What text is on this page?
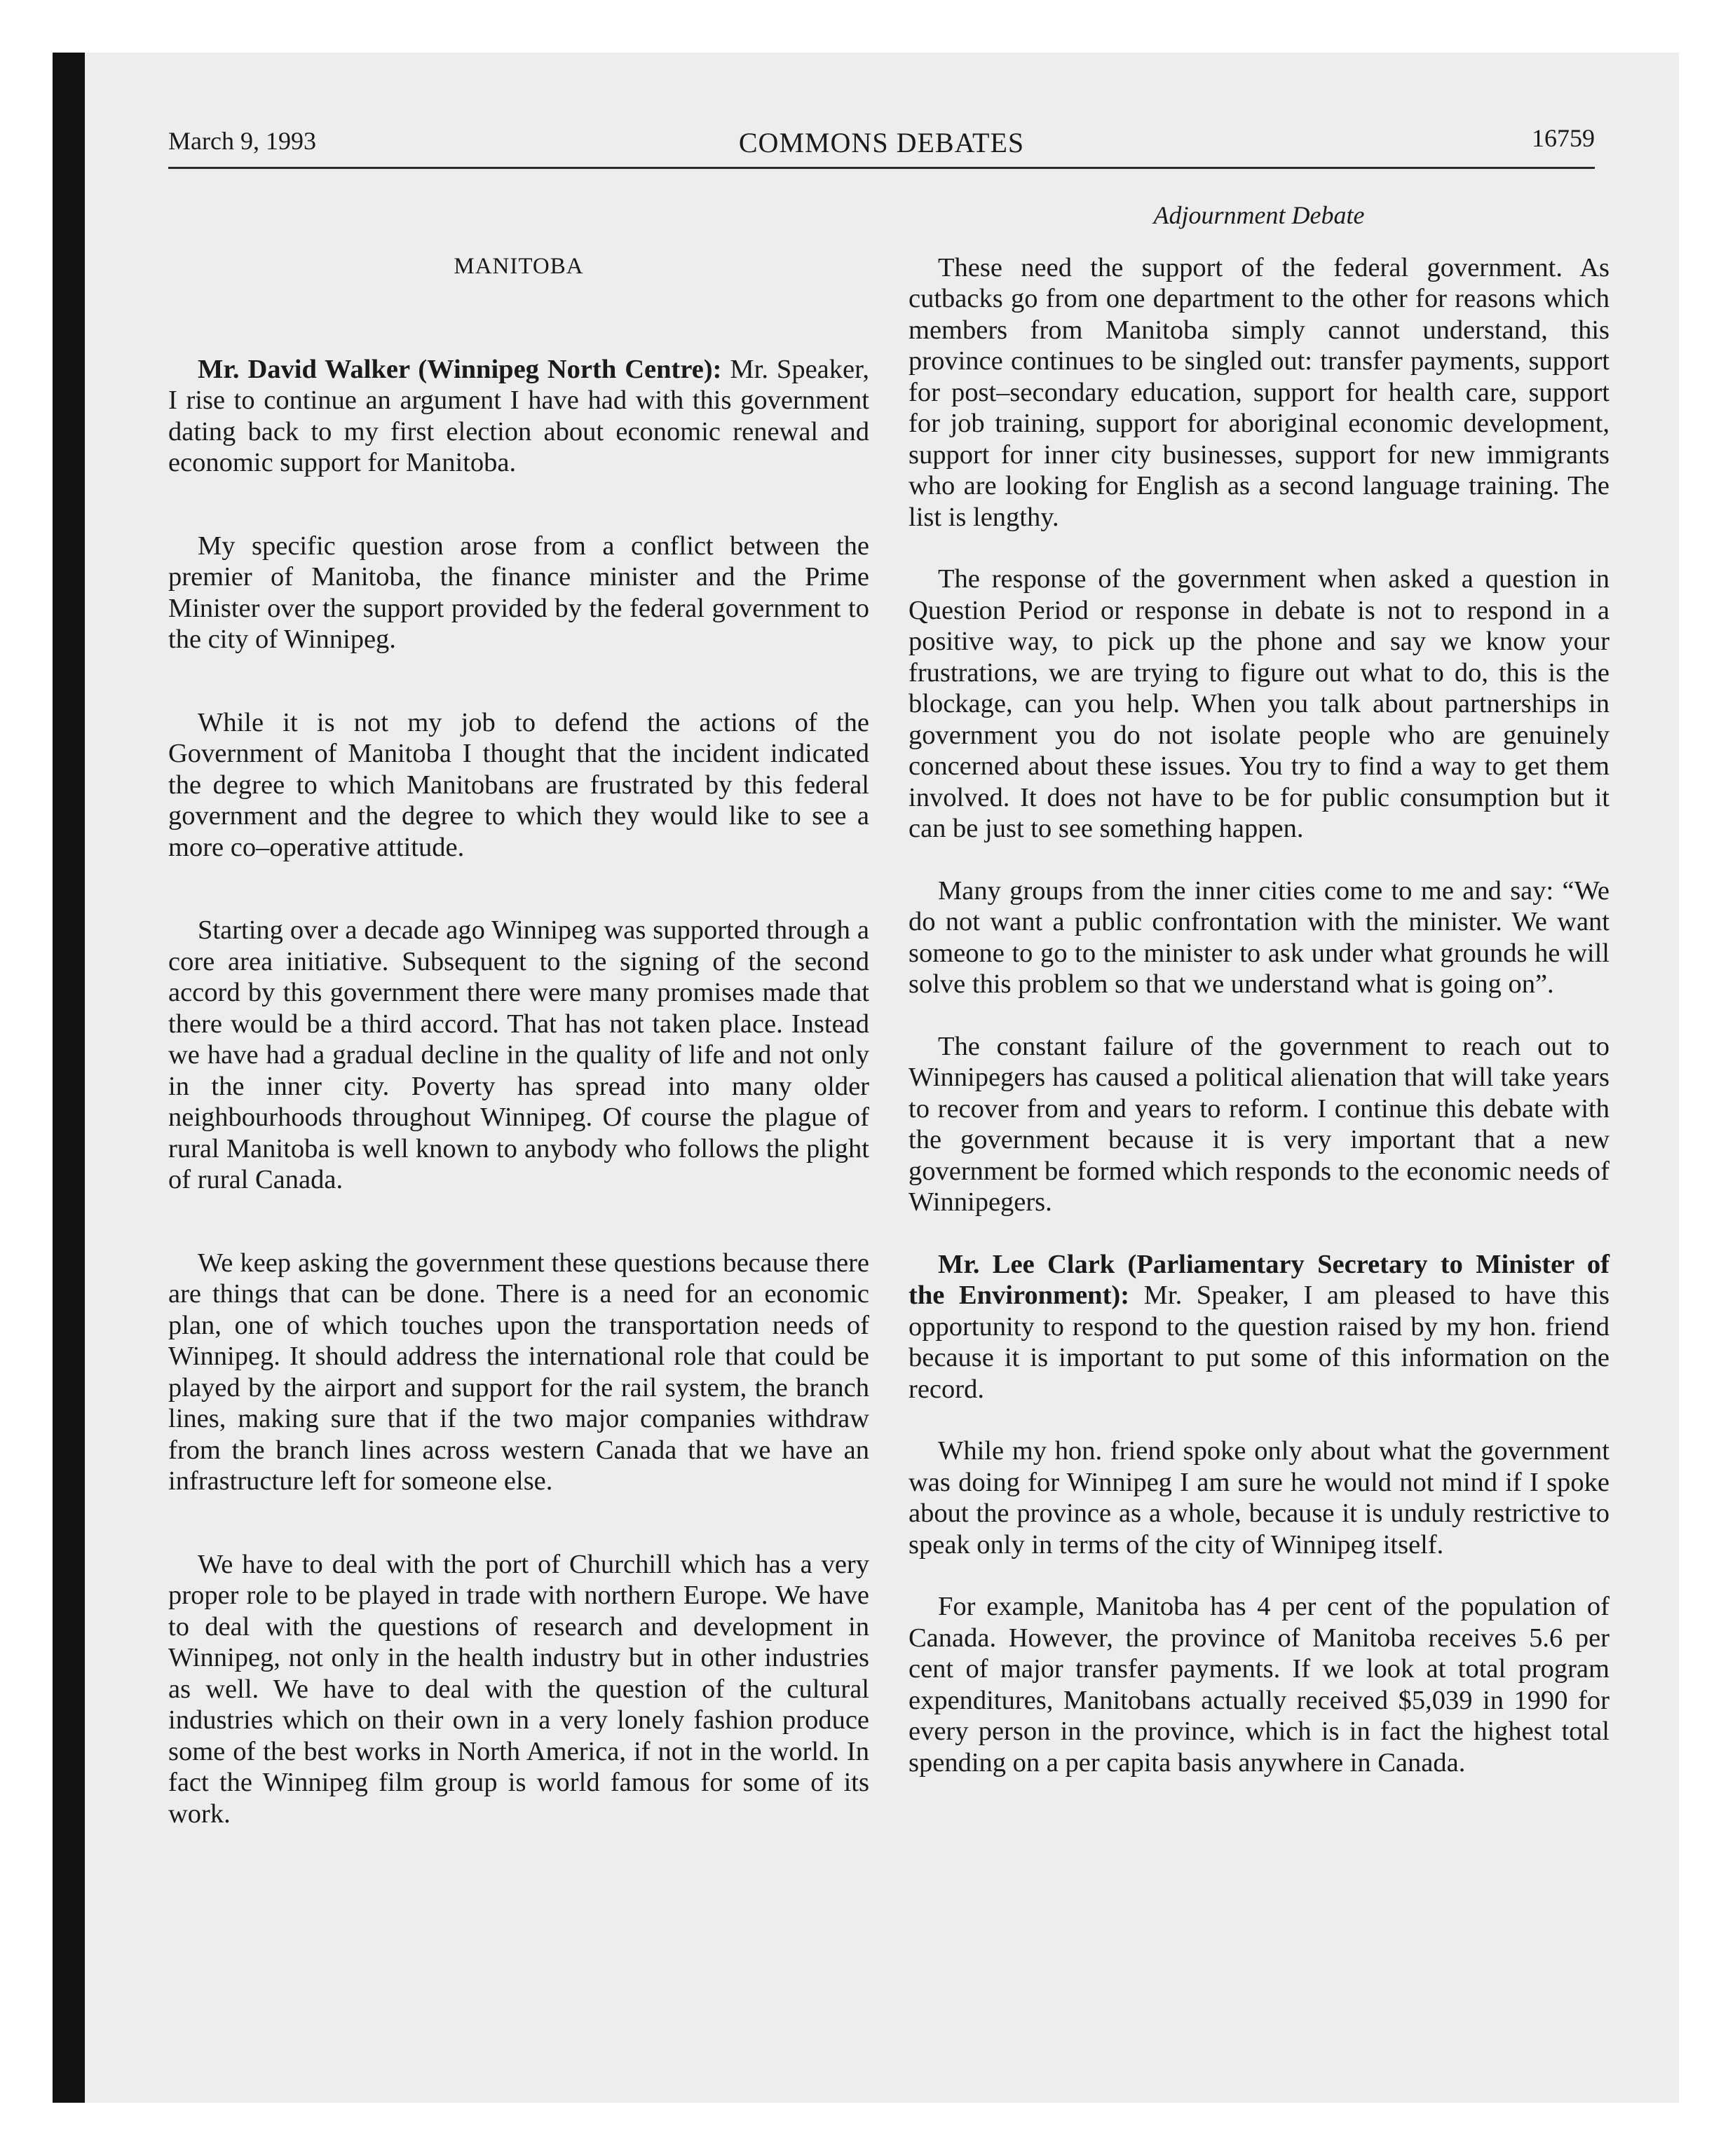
March 9, 1993	COMMONS DEBATES	16759
MANITOBA

Mr. David Walker (Winnipeg North Centre): Mr. Speaker, I rise to continue an argument I have had with this government dating back to my first election about economic renewal and economic support for Manitoba.

My specific question arose from a conflict between the premier of Manitoba, the finance minister and the Prime Minister over the support provided by the federal government to the city of Winnipeg.

While it is not my job to defend the actions of the Government of Manitoba I thought that the incident indicated the degree to which Manitobans are frustrated by this federal government and the degree to which they would like to see a more co–operative attitude.

Starting over a decade ago Winnipeg was supported through a core area initiative. Subsequent to the signing of the second accord by this government there were many promises made that there would be a third accord. That has not taken place. Instead we have had a gradual decline in the quality of life and not only in the inner city. Poverty has spread into many older neighbourhoods throughout Winnipeg. Of course the plague of rural Manitoba is well known to anybody who follows the plight of rural Canada.

We keep asking the government these questions because there are things that can be done. There is a need for an economic plan, one of which touches upon the transportation needs of Winnipeg. It should address the international role that could be played by the airport and support for the rail system, the branch lines, making sure that if the two major companies withdraw from the branch lines across western Canada that we have an infrastructure left for someone else.

We have to deal with the port of Churchill which has a very proper role to be played in trade with northern Europe. We have to deal with the questions of research and development in Winnipeg, not only in the health industry but in other industries as well. We have to deal with the question of the cultural industries which on their own in a very lonely fashion produce some of the best works in North America, if not in the world. In fact the Winnipeg film group is world famous for some of its work.

Adjournment Debate

These need the support of the federal government. As cutbacks go from one department to the other for reasons which members from Manitoba simply cannot understand, this province continues to be singled out: transfer payments, support for post–secondary education, support for health care, support for job training, support for aboriginal economic development, support for inner city businesses, support for new immigrants who are looking for English as a second language training. The list is lengthy.

The response of the government when asked a question in Question Period or response in debate is not to respond in a positive way, to pick up the phone and say we know your frustrations, we are trying to figure out what to do, this is the blockage, can you help. When you talk about partnerships in government you do not isolate people who are genuinely concerned about these issues. You try to find a way to get them involved. It does not have to be for public consumption but it can be just to see something happen.

Many groups from the inner cities come to me and say: “We do not want a public confrontation with the minister. We want someone to go to the minister to ask under what grounds he will solve this problem so that we understand what is going on”.

The constant failure of the government to reach out to Winnipegers has caused a political alienation that will take years to recover from and years to reform. I continue this debate with the government because it is very important that a new government be formed which responds to the economic needs of Winnipegers.

Mr. Lee Clark (Parliamentary Secretary to Minister of the Environment): Mr. Speaker, I am pleased to have this opportunity to respond to the question raised by my hon. friend because it is important to put some of this information on the record.

While my hon. friend spoke only about what the government was doing for Winnipeg I am sure he would not mind if I spoke about the province as a whole, because it is unduly restrictive to speak only in terms of the city of Winnipeg itself.

For example, Manitoba has 4 per cent of the population of Canada. However, the province of Manitoba receives 5.6 per cent of major transfer payments. If we look at total program expenditures, Manitobans actually received $5,039 in 1990 for every person in the province, which is in fact the highest total spending on a per capita basis anywhere in Canada.
